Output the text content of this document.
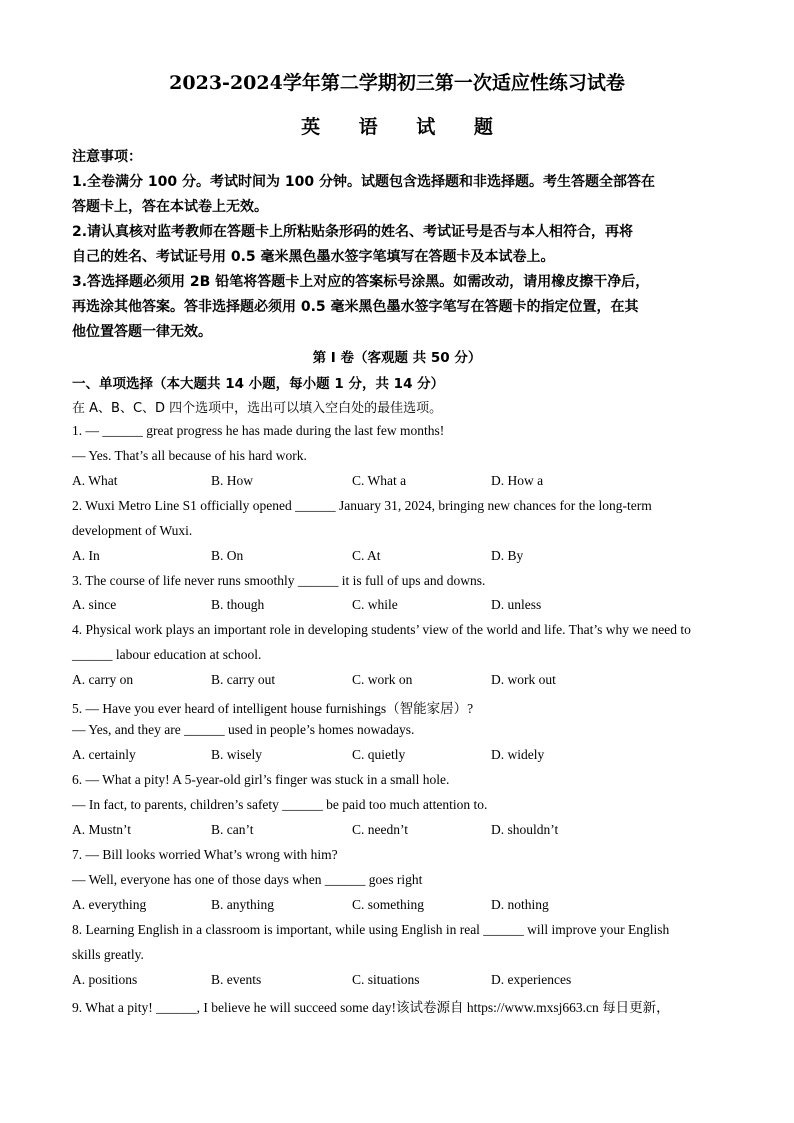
2023-2024学年第二学期初三第一次适应性练习试卷
英 语 试 题
注意事项：
1.全卷满分 100 分。考试时间为 100 分钟。试题包含选择题和非选择题。考生答题全部答在
答题卡上，答在本试卷上无效。
2.请认真核对监考教师在答题卡上所粘贴条形码的姓名、考试证号是否与本人相符合，再将
自己的姓名、考试证号用 0.5 毫米黑色墨水签字笔填写在答题卡及本试卷上。
3.答选择题必须用 2B 铅笔将答题卡上对应的答案标号涂黑。如需改动，请用橡皮擦干净后，
再选涂其他答案。答非选择题必须用 0.5 毫米黑色墨水签字笔写在答题卡的指定位置，在其
他位置答题一律无效。
第 I 卷（客观题 共 50 分）
一、单项选择（本大题共 14 小题，每小题 1 分，共 14 分）
在 A、B、C、D 四个选项中，选出可以填入空白处的最佳选项。
1. — ______ great progress he has made during the last few months!
— Yes. That’s all because of his hard work.
A. What	B. How	C. What a	D. How a
2. Wuxi Metro Line S1 officially opened ______ January 31, 2024, bringing new chances for the long-term
development of Wuxi.
A. In	B. On	C. At	D. By
3. The course of life never runs smoothly ______ it is full of ups and downs.
A. since	B. though	C. while	D. unless
4. Physical work plays an important role in developing students’ view of the world and life. That’s why we need to
______ labour education at school.
A. carry on	B. carry out	C. work on	D. work out
5. — Have you ever heard of intelligent house furnishings（智能家居）?
— Yes, and they are ______ used in people’s homes nowadays.
A. certainly	B. wisely	C. quietly	D. widely
6. — What a pity! A 5-year-old girl’s finger was stuck in a small hole.
— In fact, to parents, children’s safety ______ be paid too much attention to.
A. Mustn’t	B. can’t	C. needn’t	D. shouldn’t
7. — Bill looks worried What’s wrong with him?
— Well, everyone has one of those days when ______ goes right
A. everything	B. anything	C. something	D. nothing
8. Learning English in a classroom is important, while using English in real ______ will improve your English
skills greatly.
A. positions	B. events	C. situations	D. experiences
9. What a pity! ______, I believe he will succeed some day!该试卷源自 https://www.mxsj663.cn 每日更新，
